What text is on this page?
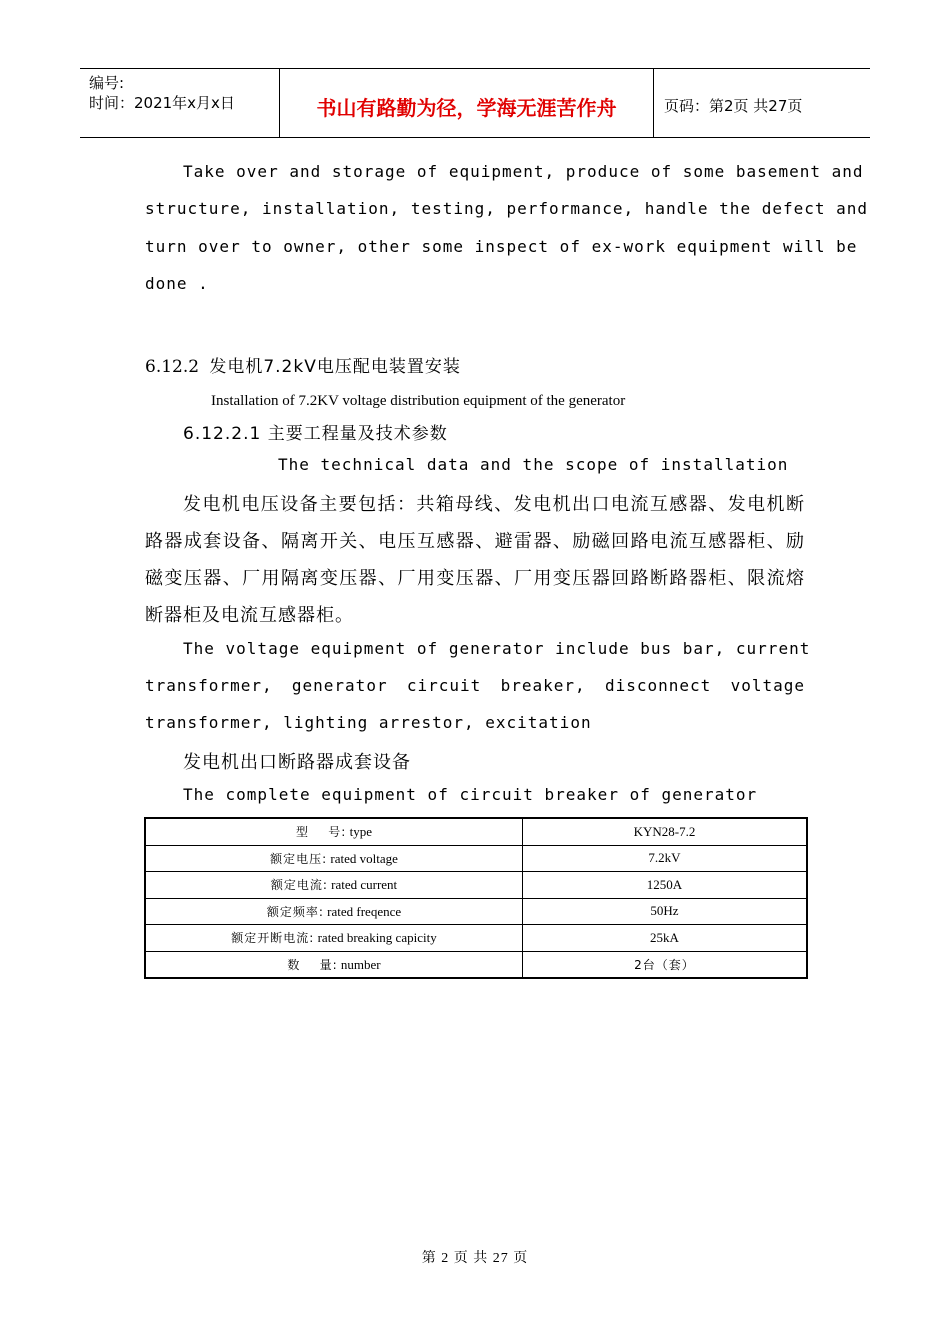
编号:
时间：2021年x月x日	书山有路勤为径，学海无涯苦作舟	页码：第2页 共27页
Take over and storage of equipment, produce of some basement and
structure, installation, testing, performance, handle the defect and
turn over to owner, other some inspect of ex-work equipment will be
done .
6.12.2 发电机7.2kV电压配电装置安装
Installation of 7.2KV voltage distribution equipment of the generator
6.12.2.1 主要工程量及技术参数
The technical data and the scope of installation
发电机电压设备主要包括：共箱母线、发电机出口电流互感器、发电机断
路器成套设备、隔离开关、电压互感器、避雷器、励磁回路电流互感器柜、励
磁变压器、厂用隔离变压器、厂用变压器、厂用变压器回路断路器柜、限流熔
断器柜及电流互感器柜。
The voltage equipment of generator include bus bar, current
transformer, generator circuit breaker, disconnect voltage
transformer, lighting arrestor, excitation
发电机出口断路器成套设备
The complete equipment of circuit breaker of generator
型    号: type	KYN28-7.2
额定电压: rated voltage	7.2kV
额定电流: rated current	1250A
额定频率: rated freqence	50Hz
额定开断电流: rated breaking capicity	25kA
数    量: number	2台（套）
第 2 页 共 27 页
